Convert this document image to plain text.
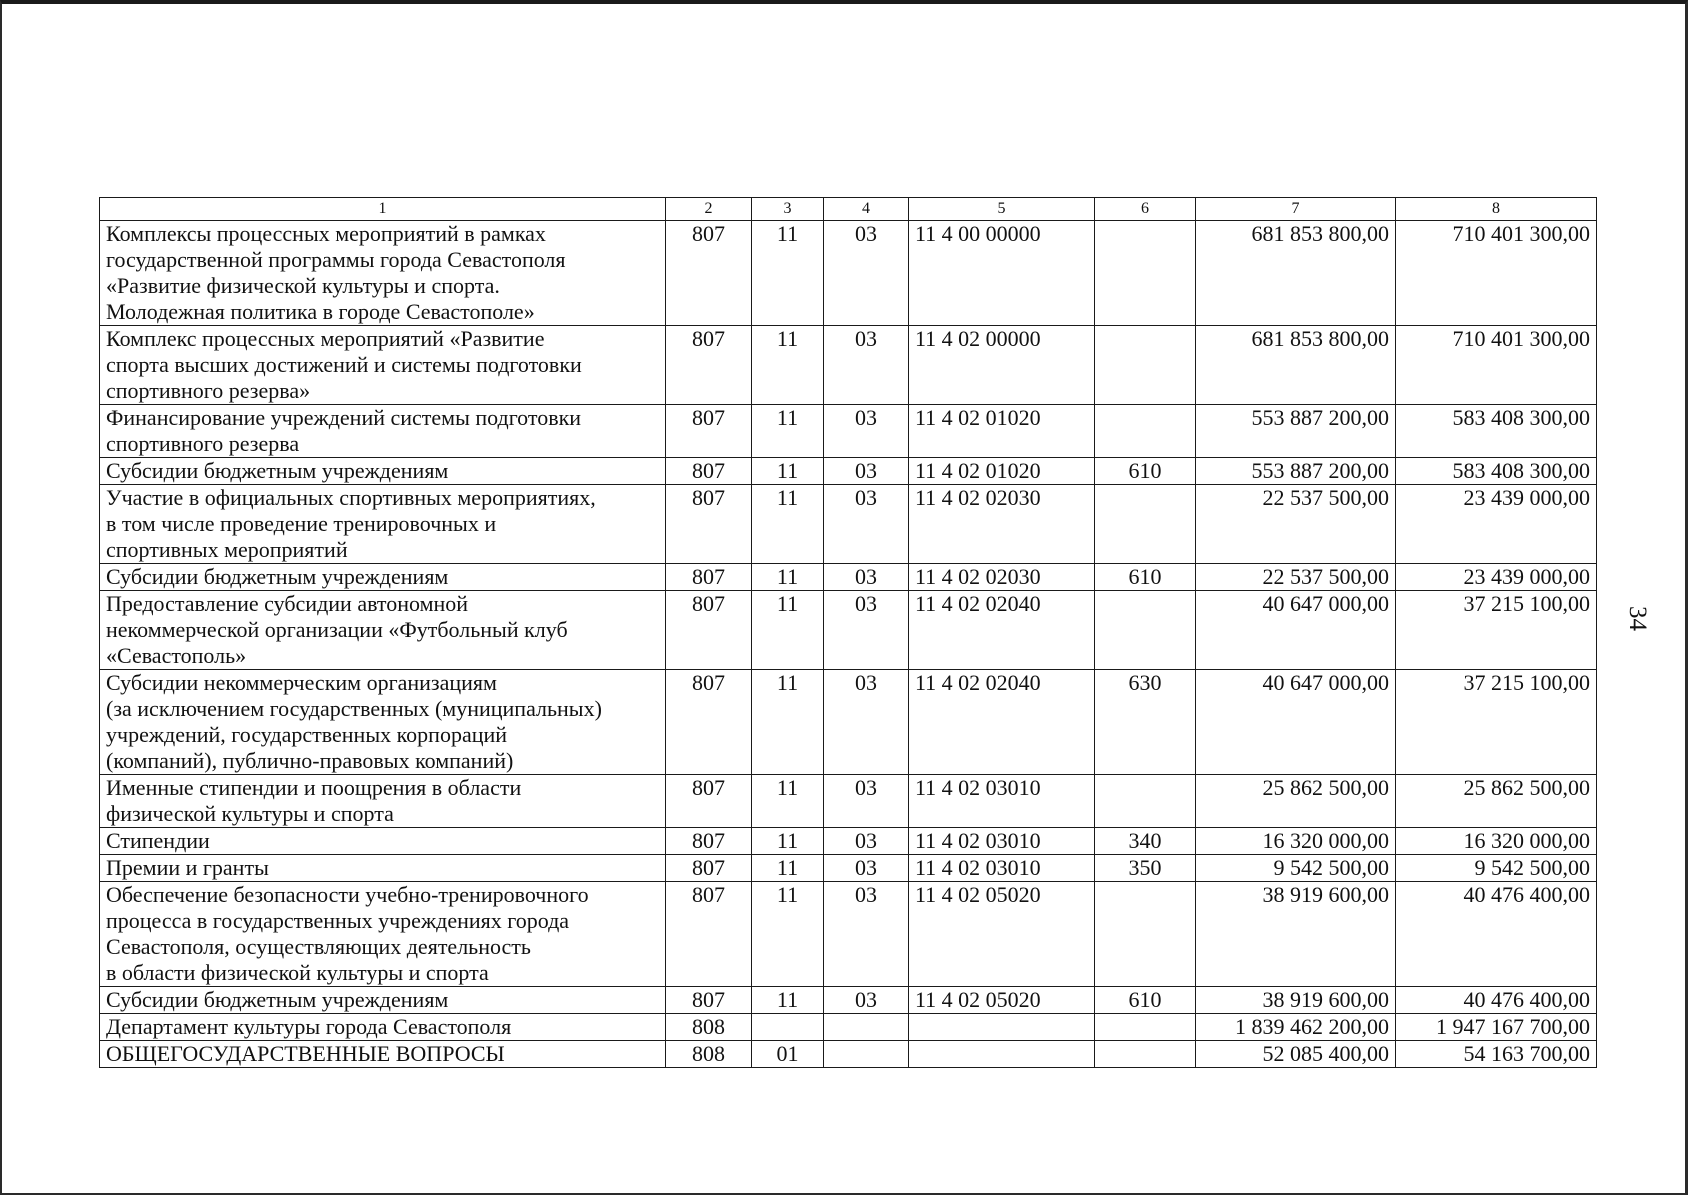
34
1	2	3	4	5	6	7	8
Комплексы процессных мероприятий в рамках
государственной программы города Севастополя
«Развитие физической культуры и спорта.
Молодежная политика в городе Севастополе»	807	11	03	11 4 00 00000		681 853 800,00	710 401 300,00
Комплекс процессных мероприятий «Развитие
спорта высших достижений и системы подготовки
спортивного резерва»	807	11	03	11 4 02 00000		681 853 800,00	710 401 300,00
Финансирование учреждений системы подготовки
спортивного резерва	807	11	03	11 4 02 01020		553 887 200,00	583 408 300,00
Субсидии бюджетным учреждениям	807	11	03	11 4 02 01020	610	553 887 200,00	583 408 300,00
Участие в официальных спортивных мероприятиях,
в том числе проведение тренировочных и
спортивных мероприятий	807	11	03	11 4 02 02030		22 537 500,00	23 439 000,00
Субсидии бюджетным учреждениям	807	11	03	11 4 02 02030	610	22 537 500,00	23 439 000,00
Предоставление субсидии автономной
некоммерческой организации «Футбольный клуб
«Севастополь»	807	11	03	11 4 02 02040		40 647 000,00	37 215 100,00
Субсидии некоммерческим организациям
(за исключением государственных (муниципальных)
учреждений, государственных корпораций
(компаний), публично-правовых компаний)	807	11	03	11 4 02 02040	630	40 647 000,00	37 215 100,00
Именные стипендии и поощрения в области
физической культуры и спорта	807	11	03	11 4 02 03010		25 862 500,00	25 862 500,00
Стипендии	807	11	03	11 4 02 03010	340	16 320 000,00	16 320 000,00
Премии и гранты	807	11	03	11 4 02 03010	350	9 542 500,00	9 542 500,00
Обеспечение безопасности учебно-тренировочного
процесса в государственных учреждениях города
Севастополя, осуществляющих деятельность
в области физической культуры и спорта	807	11	03	11 4 02 05020		38 919 600,00	40 476 400,00
Субсидии бюджетным учреждениям	807	11	03	11 4 02 05020	610	38 919 600,00	40 476 400,00
Департамент культуры города Севастополя	808					1 839 462 200,00	1 947 167 700,00
ОБЩЕГОСУДАРСТВЕННЫЕ ВОПРОСЫ	808	01				52 085 400,00	54 163 700,00
